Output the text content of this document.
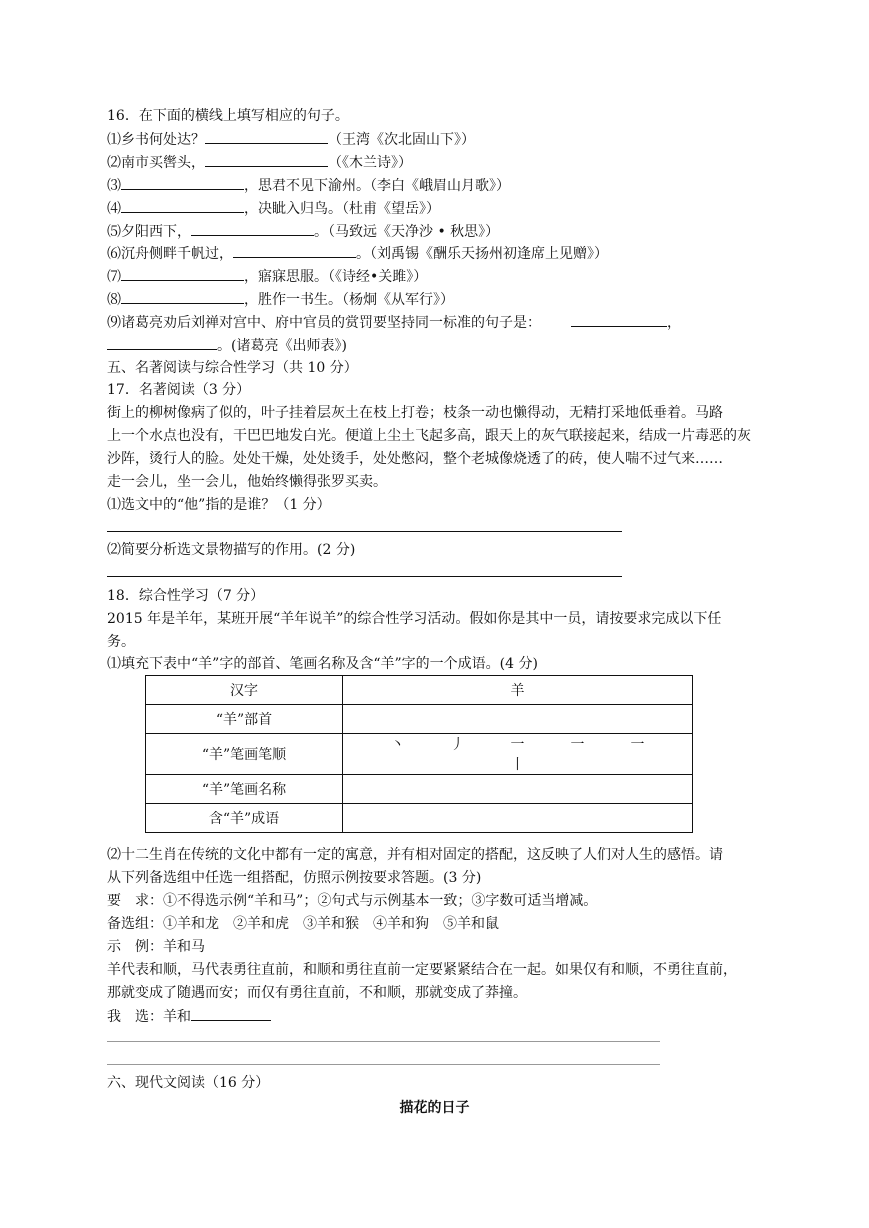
16．在下面的横线上填写相应的句子。
⑴乡书何处达？	（王湾《次北固山下》）
⑵南市买辔头，	（《木兰诗》）
⑶	，思君不见下渝州。（李白《峨眉山月歌》）
⑷	，决眦入归鸟。（杜甫《望岳》）
⑸夕阳西下，	。（马致远《天净沙 • 秋思》）
⑹沉舟侧畔千帆过，	。（刘禹锡《酬乐天扬州初逢席上见赠》）
⑺	，寤寐思服。（《诗经•关雎》）
⑻	，胜作一书生。（杨炯《从军行》）
⑼诸葛亮劝后刘禅对宫中、府中官员的赏罚要坚持同一标准的句子是：	，
。(诸葛亮《出师表》)
五、名著阅读与综合性学习（共 10 分）
17．名著阅读（3 分）
街上的柳树像病了似的，叶子挂着层灰土在枝上打卷；枝条一动也懒得动，无精打采地低垂着。马路
上一个水点也没有，干巴巴地发白光。便道上尘土飞起多高，跟天上的灰气联接起来，结成一片毒恶的灰
沙阵，烫行人的脸。处处干燥，处处烫手，处处憋闷，整个老城像烧透了的砖，使人喘不过气来……
走一会儿，坐一会儿，他始终懒得张罗买卖。
⑴选文中的“他”指的是谁？（1 分）
⑵简要分析选文景物描写的作用。(2 分)
18．综合性学习（7 分）
2015 年是羊年，某班开展“羊年说羊”的综合性学习活动。假如你是其中一员，请按要求完成以下任
务。
⑴填充下表中“羊”字的部首、笔画名称及含“羊”字的一个成语。(4 分)
汉字	羊
“羊”部首	
“羊”笔画笔顺	丶 丿 一 一 一丨
“羊”笔画名称	
含“羊”成语	
⑵十二生肖在传统的文化中都有一定的寓意，并有相对固定的搭配，这反映了人们对人生的感悟。请
从下列备选组中任选一组搭配，仿照示例按要求答题。(3 分)
要　求：①不得选示例“羊和马”；②句式与示例基本一致；③字数可适当增减。
备选组：①羊和龙　②羊和虎　③羊和猴　④羊和狗　⑤羊和鼠
示　例：羊和马
羊代表和顺，马代表勇往直前，和顺和勇往直前一定要紧紧结合在一起。如果仅有和顺，不勇往直前，
那就变成了随遇而安；而仅有勇往直前，不和顺，那就变成了莽撞。
我　选：羊和
六、现代文阅读（16 分）
描花的日子
